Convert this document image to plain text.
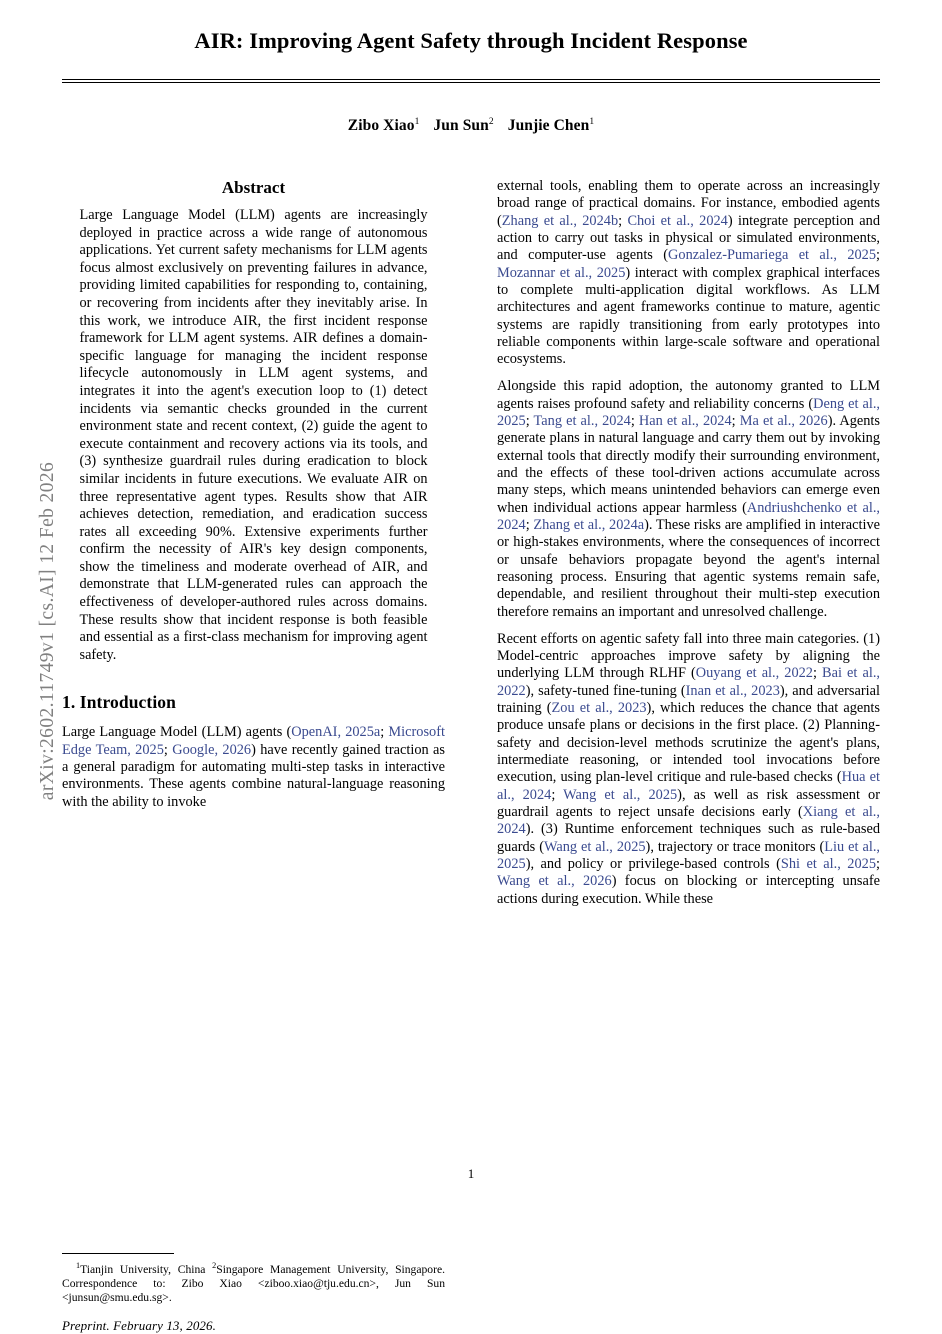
arXiv:2602.11749v1 [cs.AI] 12 Feb 2026
AIR: Improving Agent Safety through Incident Response
Zibo Xiao$^1$ Jun Sun$^2$ Junjie Chen$^1$
Abstract

Large Language Model (LLM) agents are increasingly deployed in practice across a wide range of autonomous applications. Yet current safety mechanisms for LLM agents focus almost exclusively on preventing failures in advance, providing limited capabilities for responding to, containing, or recovering from incidents after they inevitably arise. In this work, we introduce AIR, the first incident response framework for LLM agent systems. AIR defines a domain-specific language for managing the incident response lifecycle autonomously in LLM agent systems, and integrates it into the agent's execution loop to (1) detect incidents via semantic checks grounded in the current environment state and recent context, (2) guide the agent to execute containment and recovery actions via its tools, and (3) synthesize guardrail rules during eradication to block similar incidents in future executions. We evaluate AIR on three representative agent types. Results show that AIR achieves detection, remediation, and eradication success rates all exceeding 90%. Extensive experiments further confirm the necessity of AIR's key design components, show the timeliness and moderate overhead of AIR, and demonstrate that LLM-generated rules can approach the effectiveness of developer-authored rules across domains. These results show that incident response is both feasible and essential as a first-class mechanism for improving agent safety.

1. Introduction

Large Language Model (LLM) agents (OpenAI, 2025a; Microsoft Edge Team, 2025; Google, 2026) have recently gained traction as a general paradigm for automating multi-step tasks in interactive environments. These agents combine natural-language reasoning with the ability to invoke

$^1$Tianjin University, China $^2$Singapore Management University, Singapore. Correspondence to: Zibo Xiao <ziboo.xiao@tju.edu.cn>, Jun Sun <junsun@smu.edu.sg>.

Preprint. February 13, 2026.

external tools, enabling them to operate across an increasingly broad range of practical domains. For instance, embodied agents (Zhang et al., 2024b; Choi et al., 2024) integrate perception and action to carry out tasks in physical or simulated environments, and computer-use agents (Gonzalez-Pumariega et al., 2025; Mozannar et al., 2025) interact with complex graphical interfaces to complete multi-application digital workflows. As LLM architectures and agent frameworks continue to mature, agentic systems are rapidly transitioning from early prototypes into reliable components within large-scale software and operational ecosystems.

Alongside this rapid adoption, the autonomy granted to LLM agents raises profound safety and reliability concerns (Deng et al., 2025; Tang et al., 2024; Han et al., 2024; Ma et al., 2026). Agents generate plans in natural language and carry them out by invoking external tools that directly modify their surrounding environment, and the effects of these tool-driven actions accumulate across many steps, which means unintended behaviors can emerge even when individual actions appear harmless (Andriushchenko et al., 2024; Zhang et al., 2024a). These risks are amplified in interactive or high-stakes environments, where the consequences of incorrect or unsafe behaviors propagate beyond the agent's internal reasoning process. Ensuring that agentic systems remain safe, dependable, and resilient throughout their multi-step execution therefore remains an important and unresolved challenge.

Recent efforts on agentic safety fall into three main categories. (1) Model-centric approaches improve safety by aligning the underlying LLM through RLHF (Ouyang et al., 2022; Bai et al., 2022), safety-tuned fine-tuning (Inan et al., 2023), and adversarial training (Zou et al., 2023), which reduces the chance that agents produce unsafe plans or decisions in the first place. (2) Planning-safety and decision-level methods scrutinize the agent's plans, intermediate reasoning, or intended tool invocations before execution, using plan-level critique and rule-based checks (Hua et al., 2024; Wang et al., 2025), as well as risk assessment or guardrail agents to reject unsafe decisions early (Xiang et al., 2024). (3) Runtime enforcement techniques such as rule-based guards (Wang et al., 2025), trajectory or trace monitors (Liu et al., 2025), and policy or privilege-based controls (Shi et al., 2025; Wang et al., 2026) focus on blocking or intercepting unsafe actions during execution. While these

1
